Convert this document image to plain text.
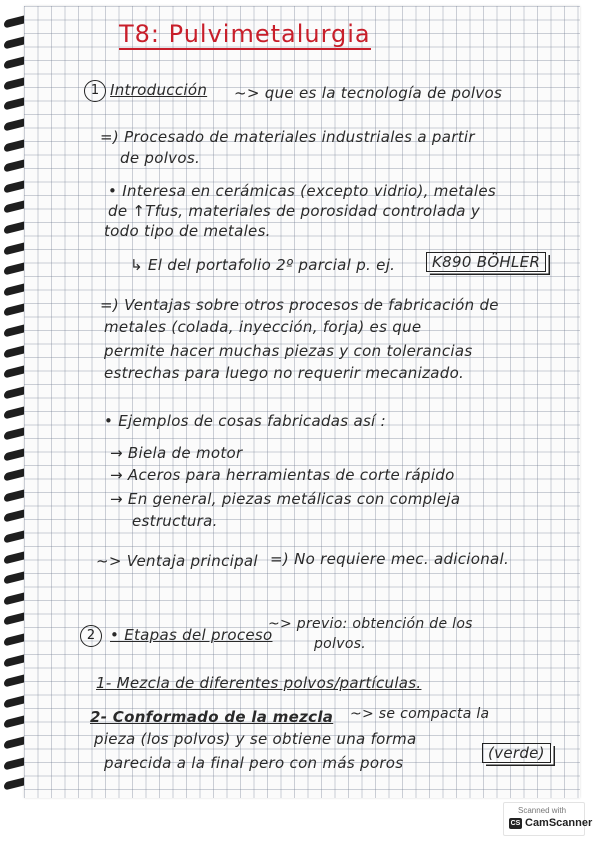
T8: Pulvimetalurgia
1 Introducción ~> que es la tecnología de polvos
=) Procesado de materiales industriales a partir
de polvos.
• Interesa en cerámicas (excepto vidrio), metales
de ↑Tfus, materiales de porosidad controlada y
todo tipo de metales.
↳ El del portafolio 2º parcial p. ej.	K890 BÖHLER
=) Ventajas sobre otros procesos de fabricación de
metales (colada, inyección, forja) es que
permite hacer muchas piezas y con tolerancias
estrechas para luego no requerir mecanizado.
• Ejemplos de cosas fabricadas así :
→ Biela de motor
→ Aceros para herramientas de corte rápido
→ En general, piezas metálicas con compleja
estructura.
~> Ventaja principal =) No requiere mec. adicional.
2 • Etapas del proceso
~> previo: obtención de los
polvos.
1- Mezcla de diferentes polvos/partículas.
2- Conformado de la mezcla ~> se compacta la
pieza (los polvos) y se obtiene una forma
parecida a la final pero con más poros
(verde)
Scanned with
CS CamScanner
